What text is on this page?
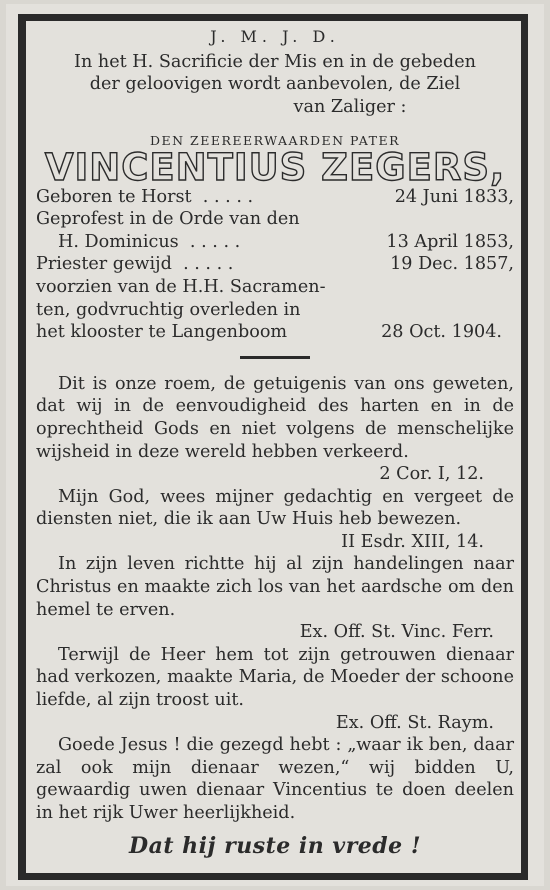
J. M. J. D.
In het H. Sacrificie der Mis en in de gebeden
der geloovigen wordt aanbevolen, de Ziel
van Zaliger :
DEN ZEEREERWAARDEN PATER
VINCENTIUS ZEGERS,
Geboren te Horst  . . . . .	24 Juni 1833,
Geprofest in de Orde van den
H. Dominicus  . . . . .	13 April 1853,
Priester gewijd  . . . . .	19 Dec. 1857,
voorzien van de H.H. Sacramen-
ten, godvruchtig overleden in
het klooster te Langenboom	28 Oct. 1904.
Dit is onze roem, de getuigenis van ons geweten, dat wij in de eenvoudigheid des harten en in de oprechtheid Gods en niet volgens de menschelijke wijsheid in deze wereld hebben verkeerd.
2 Cor. I, 12.
Mijn God, wees mijner gedachtig en vergeet de diensten niet, die ik aan Uw Huis heb bewezen.
II Esdr. XIII, 14.
In zijn leven richtte hij al zijn handelingen naar Christus en maakte zich los van het aardsche om den hemel te erven.
Ex. Off. St. Vinc. Ferr.
Terwijl de Heer hem tot zijn getrouwen dienaar had verkozen, maakte Maria, de Moeder der schoone liefde, al zijn troost uit.
Ex. Off. St. Raym.
Goede Jesus ! die gezegd hebt : „waar ik ben, daar zal ook mijn dienaar wezen,“ wij bidden U, gewaardig uwen dienaar Vincentius te doen deelen in het rijk Uwer heerlijkheid.
Dat hij ruste in vrede !
